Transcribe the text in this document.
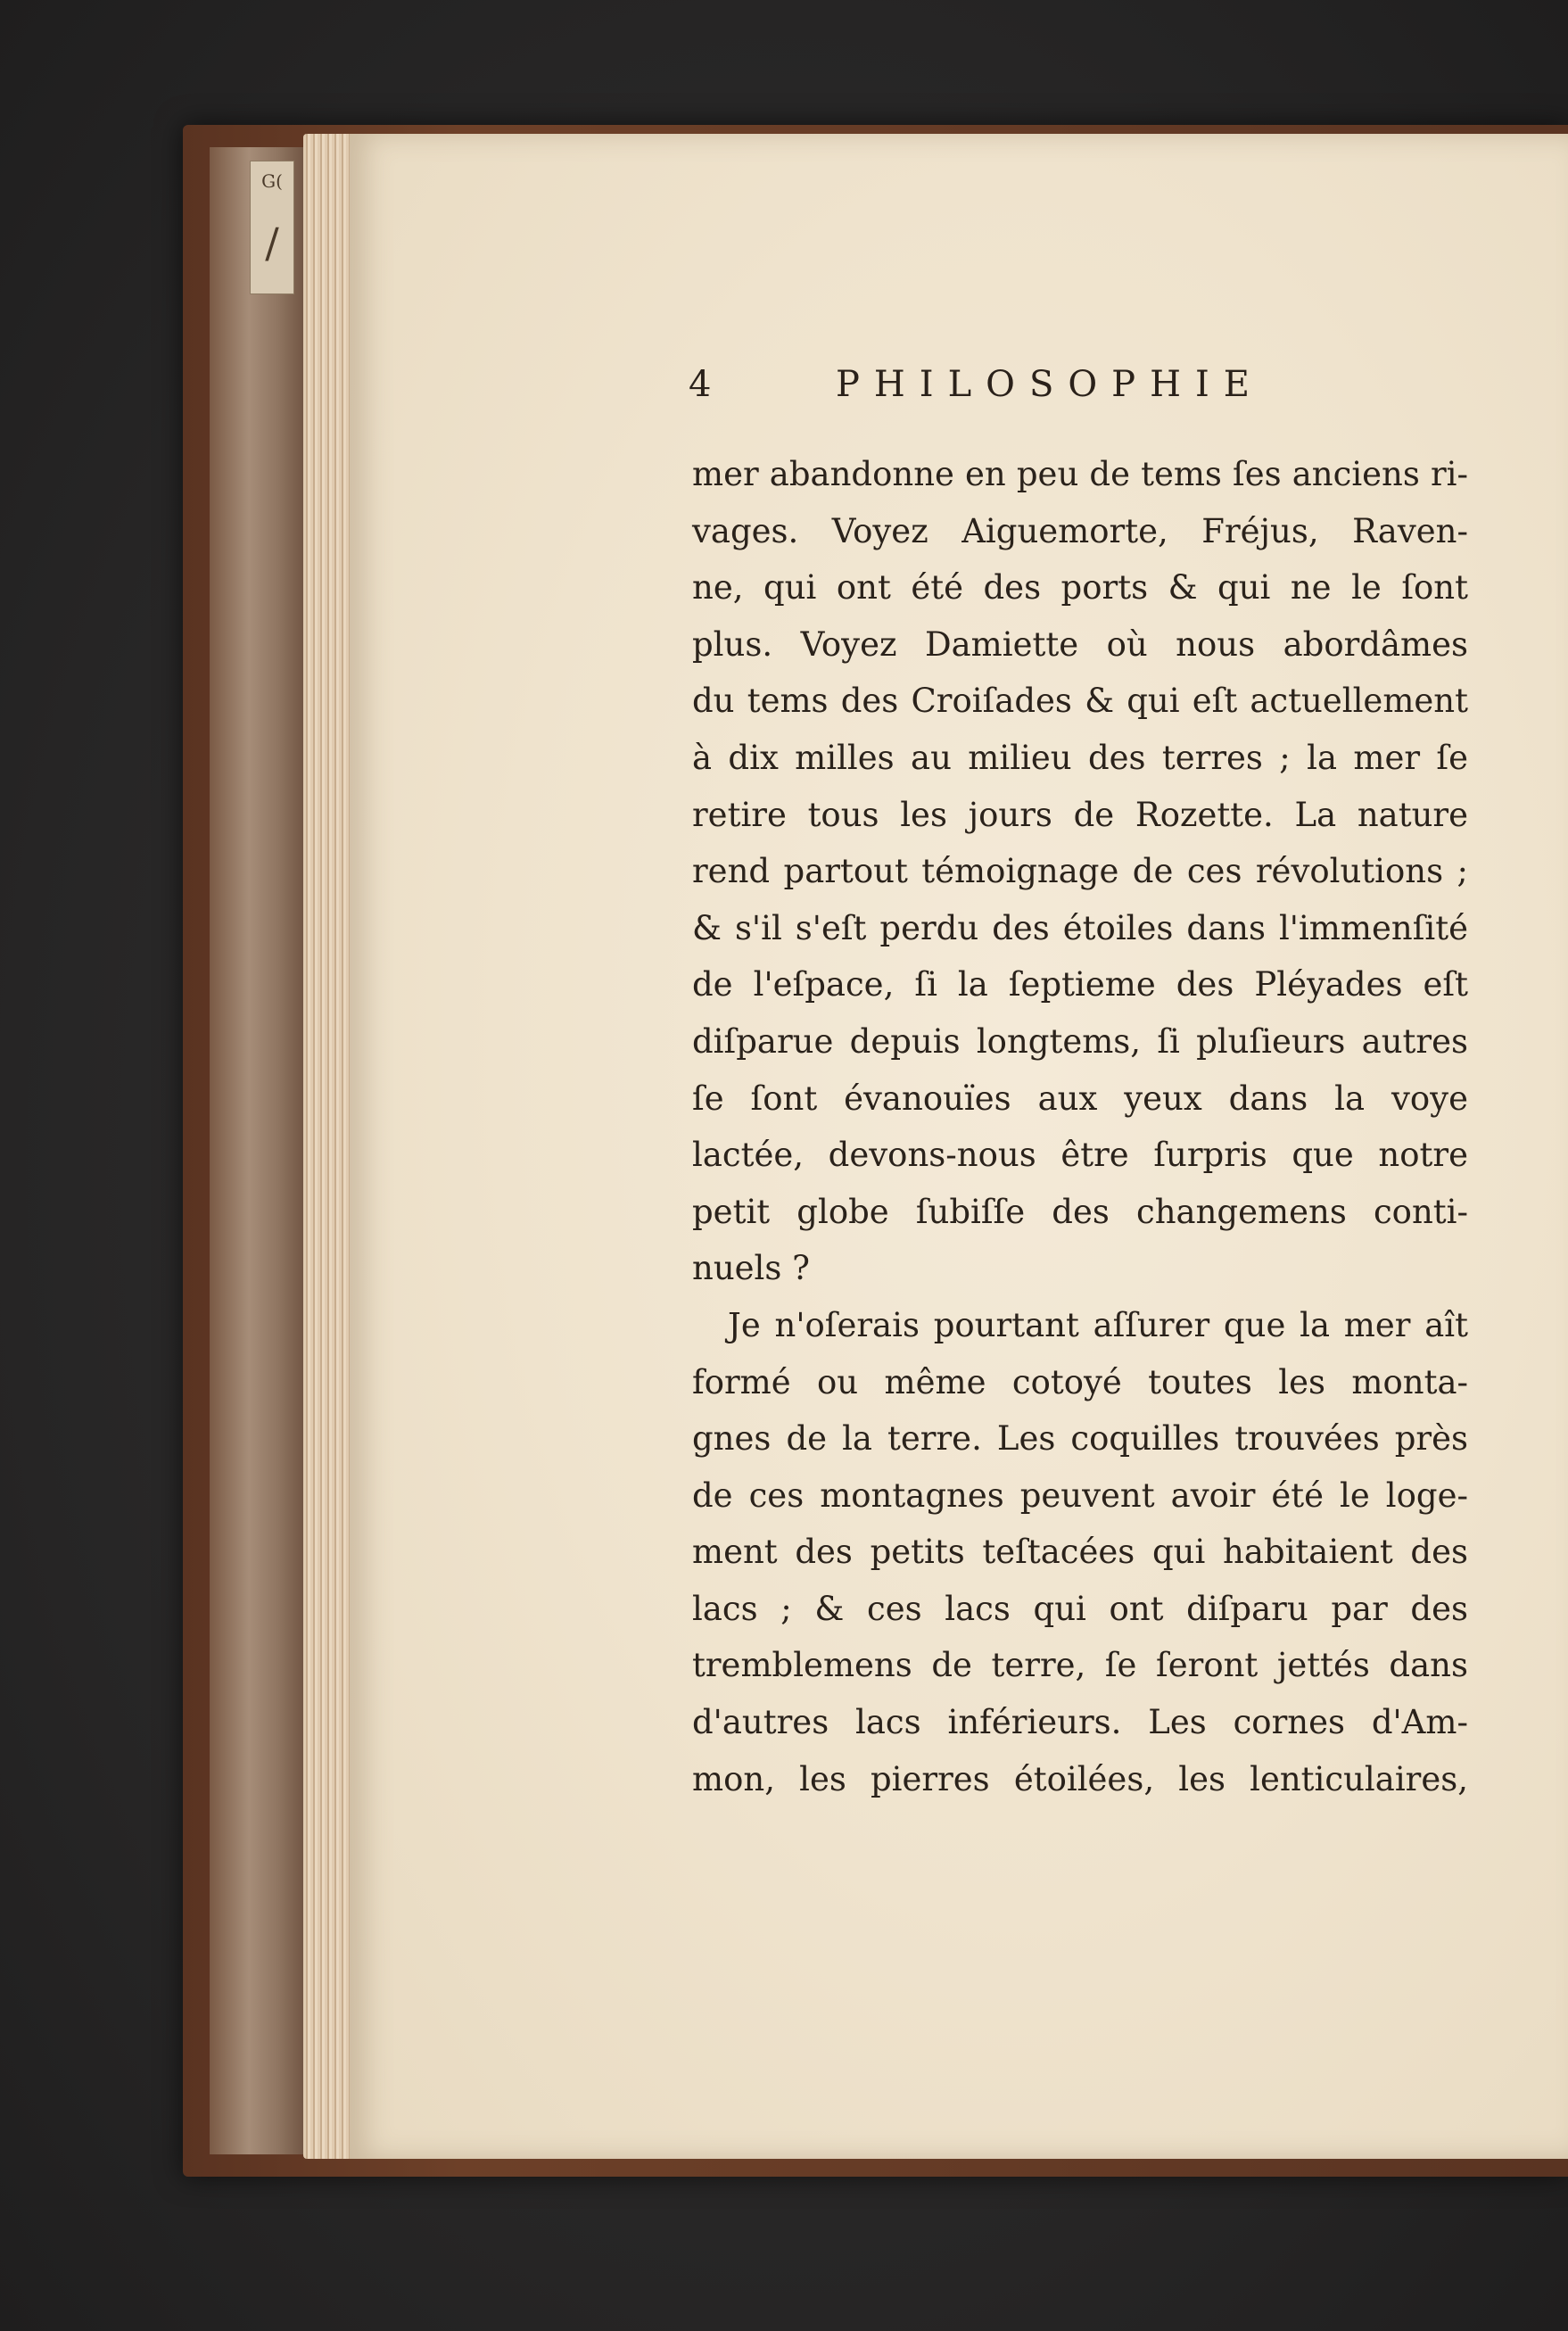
G(
/
4	PHILOSOPHIE
mer abandonne en peu de tems ſes anciens ri-
vages. Voyez Aiguemorte, Fréjus, Raven-
ne, qui ont été des ports & qui ne le ſont
plus. Voyez Damiette où nous abordâmes
du tems des Croiſades & qui eſt actuellement
à dix milles au milieu des terres ; la mer ſe
retire tous les jours de Rozette. La nature
rend partout témoignage de ces révolutions ;
& s'il s'eſt perdu des étoiles dans l'immenſité
de l'eſpace, ſi la ſeptieme des Pléyades eſt
diſparue depuis longtems, ſi pluſieurs autres
ſe ſont évanouïes aux yeux dans la voye
lactée, devons-nous être ſurpris que notre
petit globe ſubiſſe des changemens conti-
nuels ?
Je n'oſerais pourtant aſſurer que la mer aît
formé ou même cotoyé toutes les monta-
gnes de la terre. Les coquilles trouvées près
de ces montagnes peuvent avoir été le loge-
ment des petits teſtacées qui habitaient des
lacs ; & ces lacs qui ont diſparu par des
tremblemens de terre, ſe ſeront jettés dans
d'autres lacs inférieurs. Les cornes d'Am-
mon, les pierres étoilées, les lenticulaires,
